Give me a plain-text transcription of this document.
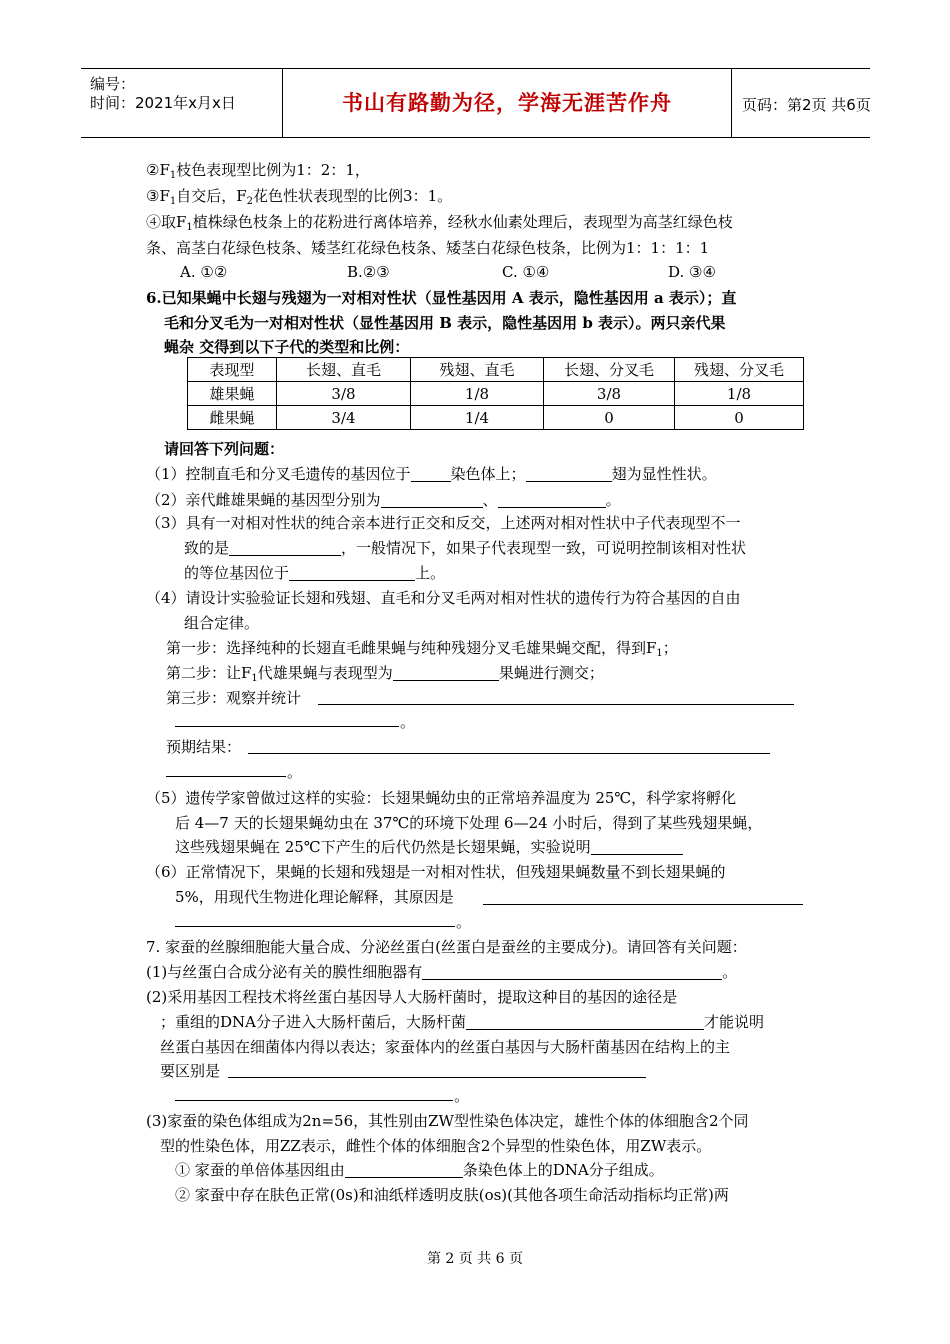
编号：
时间：2021年x月x日	书山有路勤为径，学海无涯苦作舟	页码：第2页 共6页
$②F_1$枝色表现型比例为1：2：1，
$③F_1$自交后，$F_2$花色性状表现型的比例3：1。
④取$F_1$植株绿色枝条上的花粉进行离体培养，经秋水仙素处理后，表现型为高茎红绿色枝
条、高茎白花绿色枝条、矮茎红花绿色枝条、矮茎白花绿色枝条，比例为1：1：1：1
A. ①②	B.②③	C. ①④	D. ③④
6.已知果蝇中长翅与残翅为一对相对性状（显性基因用 A 表示，隐性基因用 a 表示）；直
毛和分叉毛为一对相对性状（显性基因用 B 表示，隐性基因用 b 表示）。两只亲代果
蝇杂 交得到以下子代的类型和比例：
表现型	长翅、直毛	残翅、直毛	长翅、分叉毛	残翅、分叉毛
雄果蝇	3/8	1/8	3/8	1/8
雌果蝇	3/4	1/4	0	0
请回答下列问题：
（1）控制直毛和分叉毛遗传的基因位于	染色体上；	翅为显性性状。
（2）亲代雌雄果蝇的基因型分别为	、	。
（3）具有一对相对性状的纯合亲本进行正交和反交，上述两对相对性状中子代表现型不一
致的是	，一般情况下，如果子代表现型一致，可说明控制该相对性状
的等位基因位于	上。
（4）请设计实验验证长翅和残翅、直毛和分叉毛两对相对性状的遗传行为符合基因的自由
组合定律。
第一步：选择纯种的长翅直毛雌果蝇与纯种残翅分叉毛雄果蝇交配，得到$F_1$；
第二步：让$F_1$代雄果蝇与表现型为	果蝇进行测交；
第三步：观察并统计
。
预期结果：
。
（5）遗传学家曾做过这样的实验：长翅果蝇幼虫的正常培养温度为 25℃，科学家将孵化
后 4—7 天的长翅果蝇幼虫在 37℃的环境下处理 6—24 小时后，得到了某些残翅果蝇，
这些残翅果蝇在 25℃下产生的后代仍然是长翅果蝇，实验说明
（6）正常情况下，果蝇的长翅和残翅是一对相对性状，但残翅果蝇数量不到长翅果蝇的
5%，用现代生物进化理论解释，其原因是
。
7. 家蚕的丝腺细胞能大量合成、分泌丝蛋白(丝蛋白是蚕丝的主要成分)。请回答有关问题：
(1)与丝蛋白合成分泌有关的膜性细胞器有	。
(2)采用基因工程技术将丝蛋白基因导人大肠杆菌时，提取这种目的基因的途径是
；重组的DNA分子进入大肠杆菌后，大肠杆菌	才能说明
丝蛋白基因在细菌体内得以表达；家蚕体内的丝蛋白基因与大肠杆菌基因在结构上的主
要区别是
。
(3)家蚕的染色体组成为2n=56，其性别由ZW型性染色体决定，雄性个体的体细胞含2个同
型的性染色体，用ZZ表示，雌性个体的体细胞含2个异型的性染色体，用ZW表示。
① 家蚕的单倍体基因组由	条染色体上的DNA分子组成。
② 家蚕中存在肤色正常(0s)和油纸样透明皮肤(os)(其他各项生命活动指标均正常)两
第 2 页 共 6 页
